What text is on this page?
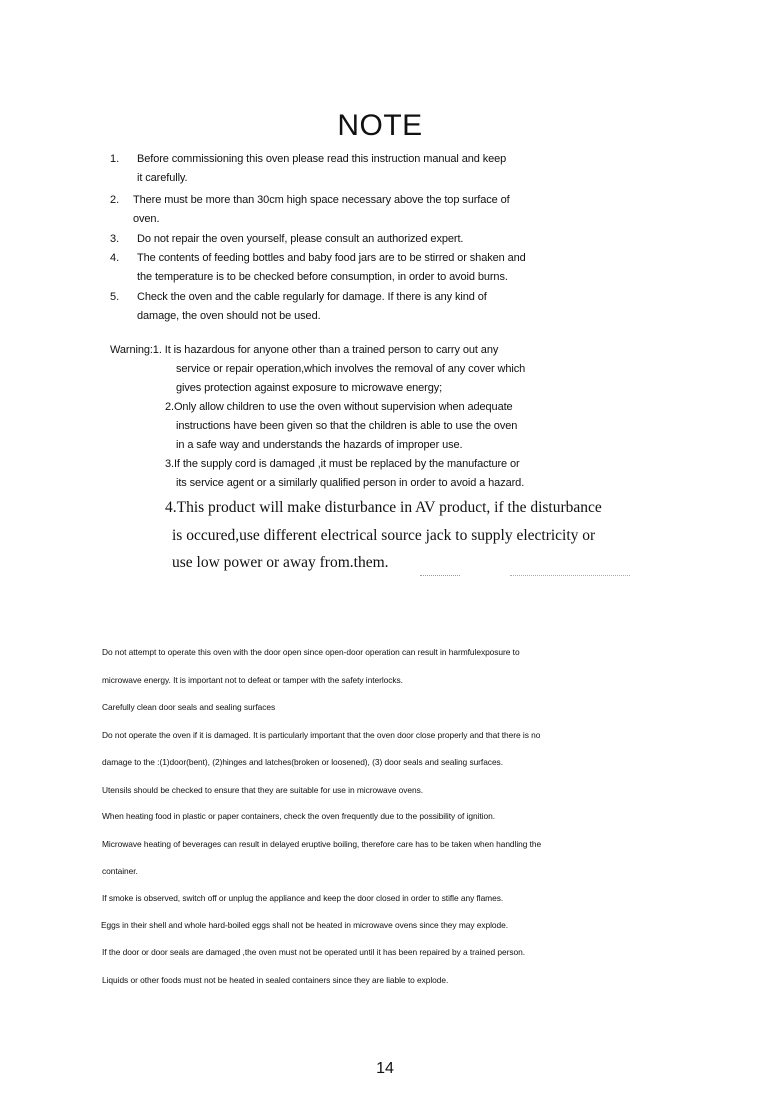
NOTE
1. Before commissioning this oven please read this instruction manual and keep
it carefully.
2. There must be more than 30cm high space necessary above the top surface of
oven.
3. Do not repair the oven yourself, please consult an authorized expert.
4. The contents of feeding bottles and baby food jars are to be stirred or shaken and
the temperature is to be checked before consumption, in order to avoid burns.
5. Check the oven and the cable regularly for damage. If there is any kind of
damage, the oven should not be used.
Warning:1. It is hazardous for anyone other than a trained person to carry out any
service or repair operation,which involves the removal of any cover which
gives protection against exposure to microwave energy;
2.Only allow children to use the oven without supervision when adequate
instructions have been given so that the children is able to use the oven
in a safe way and understands the hazards of improper use.
3.If the supply cord is damaged ,it must be replaced by the manufacture or
its service agent or a similarly qualified person in order to avoid a hazard.
4.This product will make disturbance in AV product, if the disturbance
is occured,use different electrical source jack to supply electricity or
use low power or away from.them.
Do not attempt to operate this oven with the door open since open-door operation can result in harmfulexposure to
microwave energy. It is important not to defeat or tamper with the safety interlocks.
Carefully clean door seals and sealing surfaces
Do not operate the oven if it is damaged. It is particularly important that the oven door close properly and that there is no
damage to the :(1)door(bent), (2)hinges and latches(broken or loosened), (3) door seals and sealing surfaces.
Utensils should be checked to ensure that they are suitable for use in microwave ovens.
When heating food in plastic or paper containers, check the oven frequently due to the possibility of ignition.
Microwave heating of beverages can result in delayed eruptive boiling, therefore care has to be taken when handling the
container.
If smoke is observed, switch off or unplug the appliance and keep the door closed in order to stifle any flames.
Eggs in their shell and whole hard-boiled eggs shall not be heated in microwave ovens since they may explode.
If the door or door seals are damaged ,the oven must not be operated until it has been repaired by a trained person.
Liquids or other foods must not be heated in sealed containers since they are liable to explode.
14
